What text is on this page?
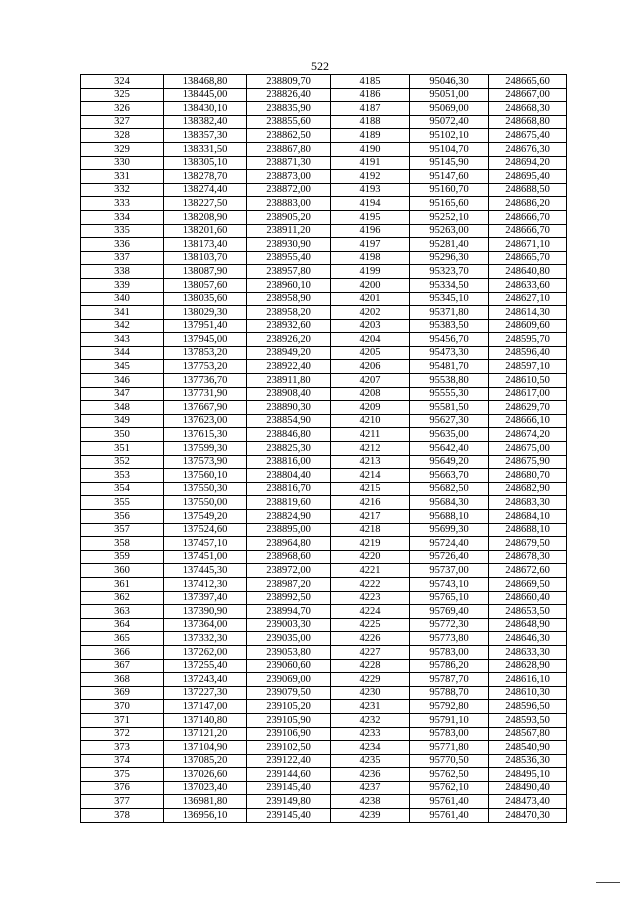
522
324	138468,80	238809,70	4185	95046,30	248665,60
325	138445,00	238826,40	4186	95051,00	248667,00
326	138430,10	238835,90	4187	95069,00	248668,30
327	138382,40	238855,60	4188	95072,40	248668,80
328	138357,30	238862,50	4189	95102,10	248675,40
329	138331,50	238867,80	4190	95104,70	248676,30
330	138305,10	238871,30	4191	95145,90	248694,20
331	138278,70	238873,00	4192	95147,60	248695,40
332	138274,40	238872,00	4193	95160,70	248688,50
333	138227,50	238883,00	4194	95165,60	248686,20
334	138208,90	238905,20	4195	95252,10	248666,70
335	138201,60	238911,20	4196	95263,00	248666,70
336	138173,40	238930,90	4197	95281,40	248671,10
337	138103,70	238955,40	4198	95296,30	248665,70
338	138087,90	238957,80	4199	95323,70	248640,80
339	138057,60	238960,10	4200	95334,50	248633,60
340	138035,60	238958,90	4201	95345,10	248627,10
341	138029,30	238958,20	4202	95371,80	248614,30
342	137951,40	238932,60	4203	95383,50	248609,60
343	137945,00	238926,20	4204	95456,70	248595,70
344	137853,20	238949,20	4205	95473,30	248596,40
345	137753,20	238922,40	4206	95481,70	248597,10
346	137736,70	238911,80	4207	95538,80	248610,50
347	137731,90	238908,40	4208	95555,30	248617,00
348	137667,90	238890,30	4209	95581,50	248629,70
349	137623,00	238854,90	4210	95627,30	248666,10
350	137615,30	238846,80	4211	95635,00	248674,20
351	137599,30	238825,30	4212	95642,40	248675,00
352	137573,90	238816,00	4213	95649,20	248675,90
353	137560,10	238804,40	4214	95663,70	248680,70
354	137550,30	238816,70	4215	95682,50	248682,90
355	137550,00	238819,60	4216	95684,30	248683,30
356	137549,20	238824,90	4217	95688,10	248684,10
357	137524,60	238895,00	4218	95699,30	248688,10
358	137457,10	238964,80	4219	95724,40	248679,50
359	137451,00	238968,60	4220	95726,40	248678,30
360	137445,30	238972,00	4221	95737,00	248672,60
361	137412,30	238987,20	4222	95743,10	248669,50
362	137397,40	238992,50	4223	95765,10	248660,40
363	137390,90	238994,70	4224	95769,40	248653,50
364	137364,00	239003,30	4225	95772,30	248648,90
365	137332,30	239035,00	4226	95773,80	248646,30
366	137262,00	239053,80	4227	95783,00	248633,30
367	137255,40	239060,60	4228	95786,20	248628,90
368	137243,40	239069,00	4229	95787,70	248616,10
369	137227,30	239079,50	4230	95788,70	248610,30
370	137147,00	239105,20	4231	95792,80	248596,50
371	137140,80	239105,90	4232	95791,10	248593,50
372	137121,20	239106,90	4233	95783,00	248567,80
373	137104,90	239102,50	4234	95771,80	248540,90
374	137085,20	239122,40	4235	95770,50	248536,30
375	137026,60	239144,60	4236	95762,50	248495,10
376	137023,40	239145,40	4237	95762,10	248490,40
377	136981,80	239149,80	4238	95761,40	248473,40
378	136956,10	239145,40	4239	95761,40	248470,30
